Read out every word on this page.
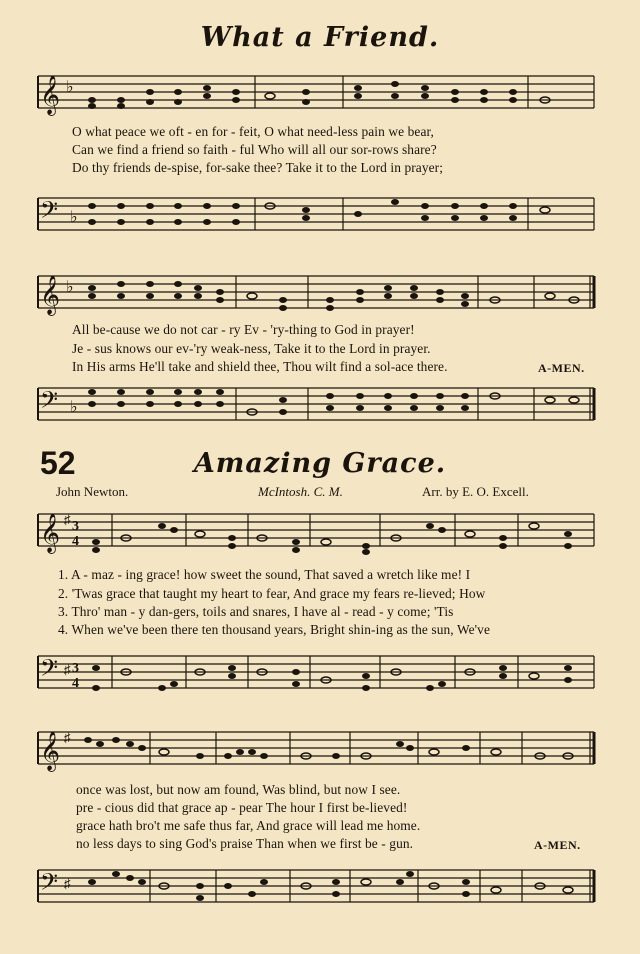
What a Friend.
𝄞 ♭
O what peace we oft - en for - feit, O what need-less pain we bear,
Can we find a friend so faith - ful Who will all our sor-rows share?
Do thy friends de-spise, for-sake thee? Take it to the Lord in prayer;
𝄢 ♭
𝄞 ♭
All be-cause we do not car - ry Ev - 'ry-thing to God in prayer!
Je - sus knows our ev-'ry weak-ness, Take it to the Lord in prayer.
In His arms He'll take and shield thee, Thou wilt find a sol-ace there.	A-MEN.
𝄢 ♭
52	Amazing Grace.
John Newton.	McIntosh. C. M.	Arr. by E. O. Excell.
𝄞 ♯ 3
4
1. A - maz - ing grace! how sweet the sound, That saved a wretch like me! I
2. 'Twas grace that taught my heart to fear, And grace my fears re-lieved; How
3. Thro' man - y dan-gers, toils and snares, I have al - read - y come; 'Tis
4. When we've been there ten thousand years, Bright shin-ing as the sun, We've
𝄢 ♯ 3
4
𝄞 ♯
once was lost, but now am found, Was blind, but now I see.
pre - cious did that grace ap - pear The hour I first be-lieved!
grace hath bro't me safe thus far, And grace will lead me home.
no less days to sing God's praise Than when we first be - gun.	A-MEN.
𝄢 ♯
